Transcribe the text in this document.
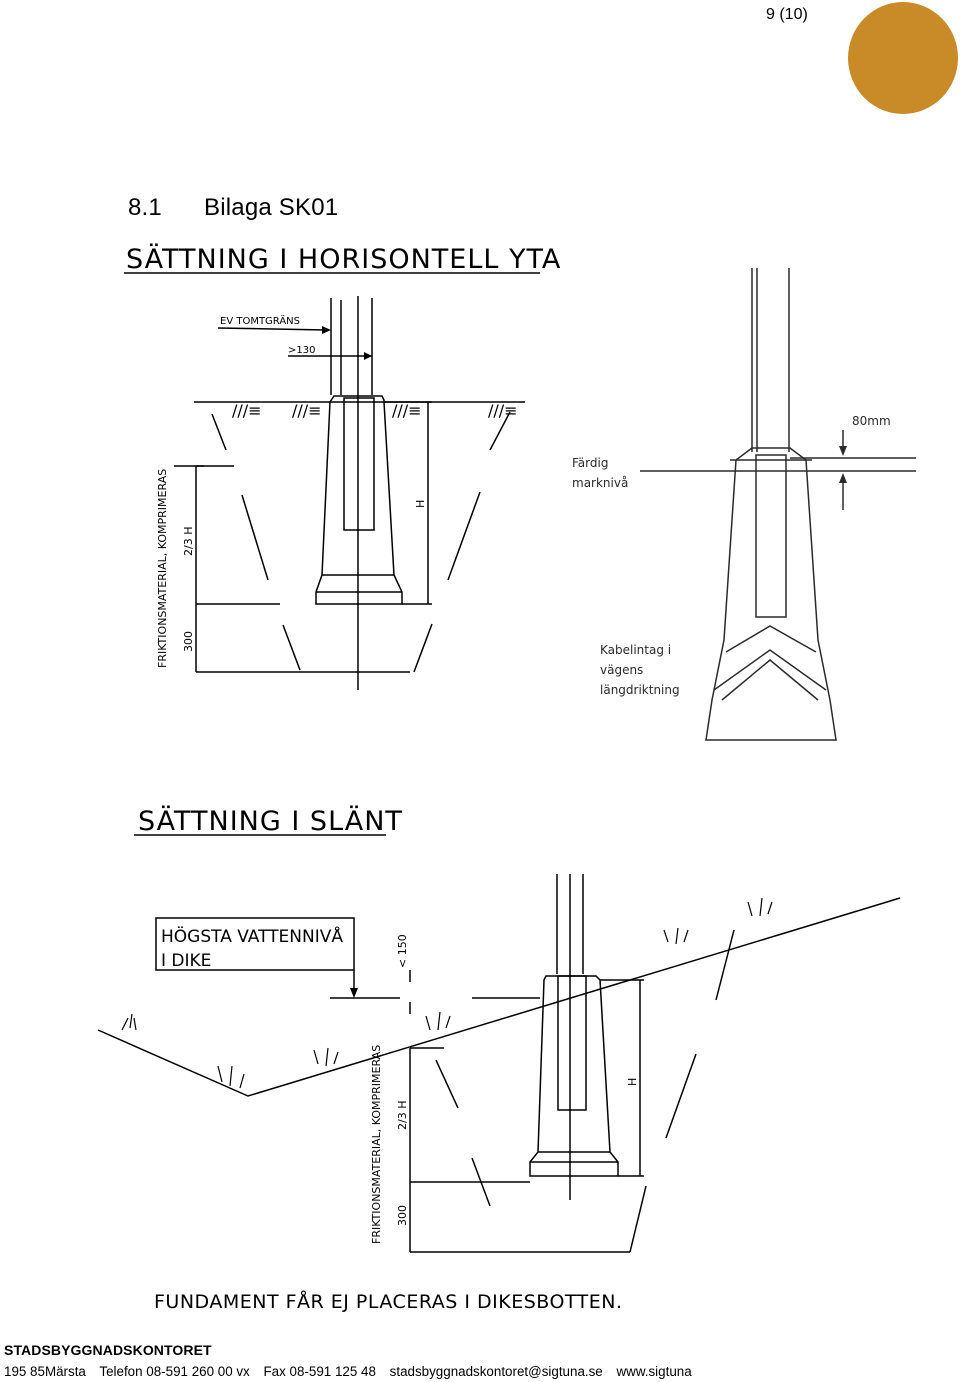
9 (10)
8.1 Bilaga SK01
SÄTTNING I HORISONTELL YTA
EV TOMTGRÄNS
>130
///≡ ///≡	///≡	///≡
H
2/3 H
300
FRIKTIONSMATERIAL, KOMPRIMERAS
80mm
Färdig
marknivå
Kabelintag i
vägens
längdriktning
SÄTTNING I SLÄNT
HÖGSTA VATTENNIVÅ
I DIKE	< 150
H
2/3 H
300
FRIKTIONSMATERIAL, KOMPRIMERAS
FUNDAMENT FÅR EJ PLACERAS I DIKESBOTTEN.
STADSBYGGNADSKONTORET
195 85Märsta Telefon 08-591 260 00 vx Fax 08-591 125 48 stadsbyggnadskontoret@sigtuna.se www.sigtuna
